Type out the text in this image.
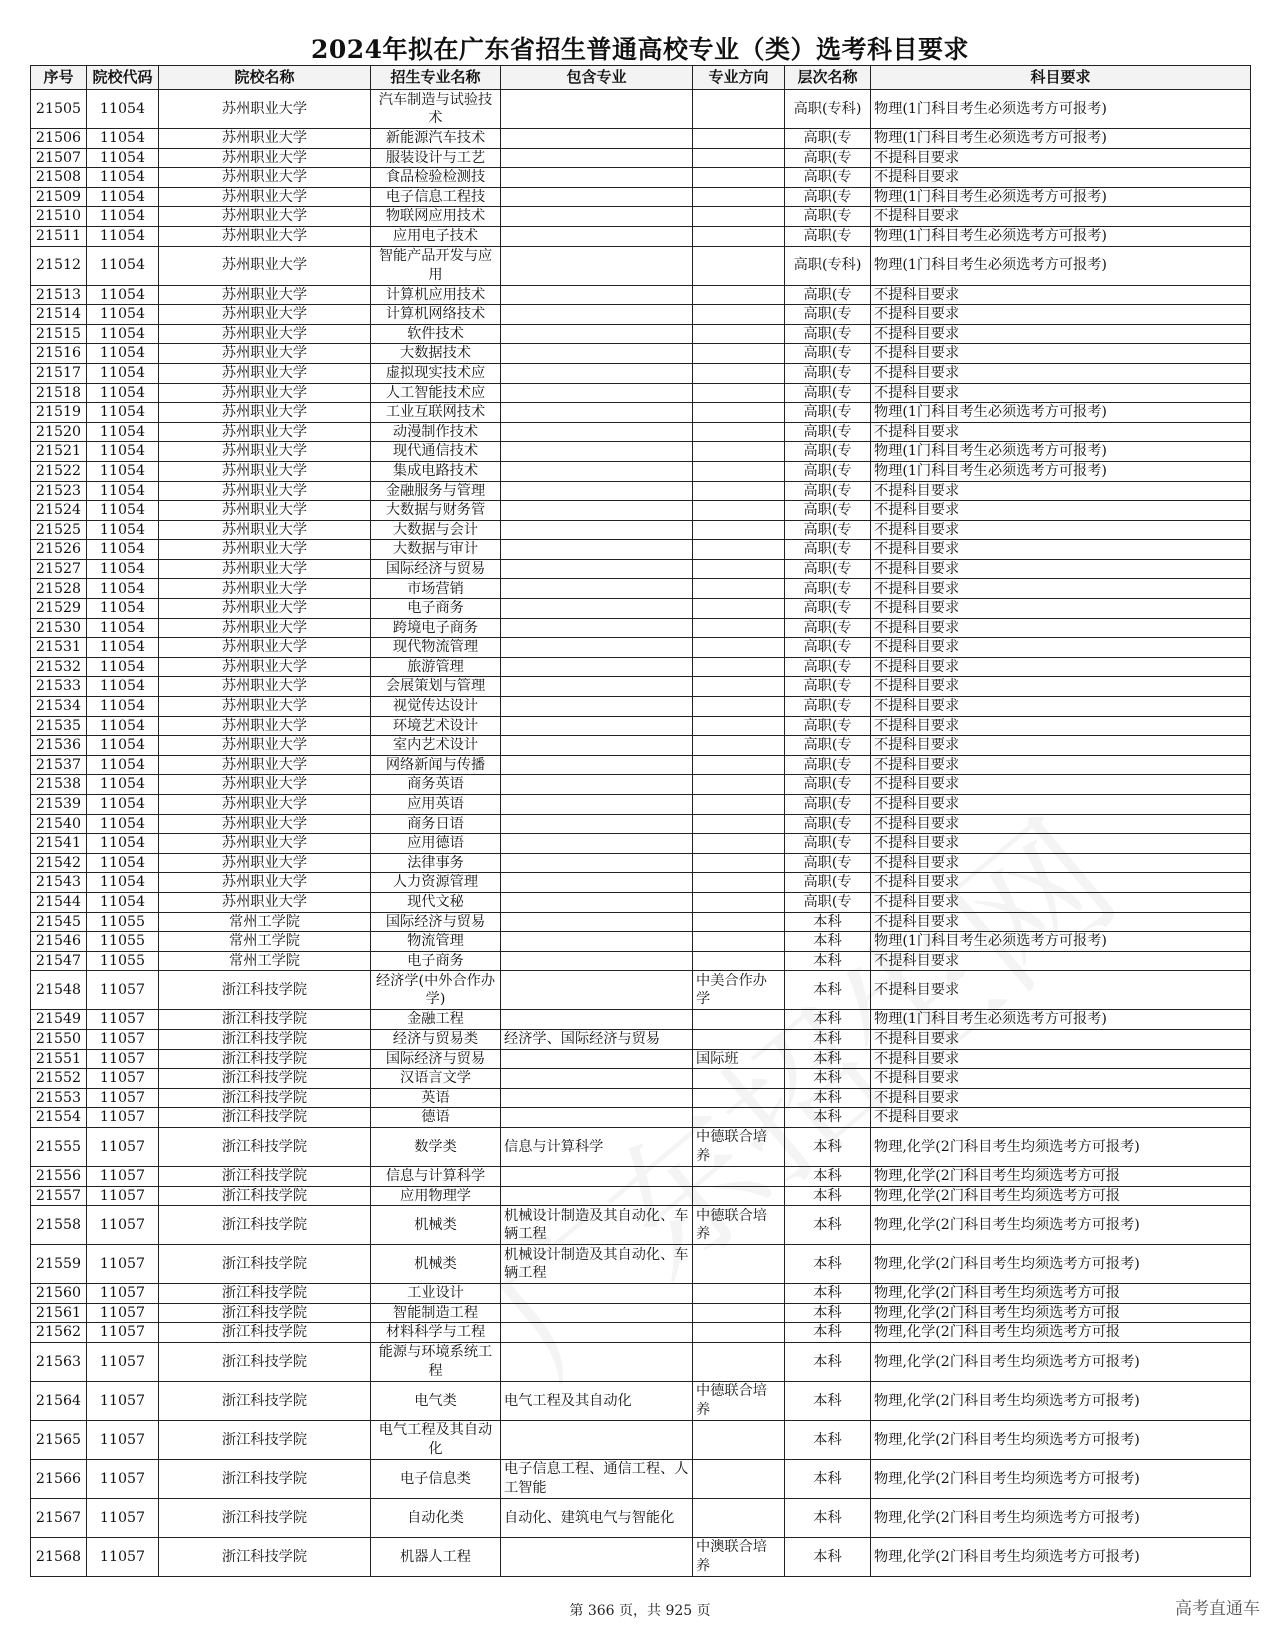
2024年拟在广东省招生普通高校专业（类）选考科目要求
序号	院校代码	院校名称	招生专业名称	包含专业	专业方向	层次名称	科目要求
21505	11054	苏州职业大学	汽车制造与试验技术			高职(专科)	物理(1门科目考生必须选考方可报考)
21506	11054	苏州职业大学	新能源汽车技术			高职(专	物理(1门科目考生必须选考方可报考)
21507	11054	苏州职业大学	服装设计与工艺			高职(专	不提科目要求
21508	11054	苏州职业大学	食品检验检测技			高职(专	不提科目要求
21509	11054	苏州职业大学	电子信息工程技			高职(专	物理(1门科目考生必须选考方可报考)
21510	11054	苏州职业大学	物联网应用技术			高职(专	不提科目要求
21511	11054	苏州职业大学	应用电子技术			高职(专	物理(1门科目考生必须选考方可报考)
21512	11054	苏州职业大学	智能产品开发与应用			高职(专科)	物理(1门科目考生必须选考方可报考)
21513	11054	苏州职业大学	计算机应用技术			高职(专	不提科目要求
21514	11054	苏州职业大学	计算机网络技术			高职(专	不提科目要求
21515	11054	苏州职业大学	软件技术			高职(专	不提科目要求
21516	11054	苏州职业大学	大数据技术			高职(专	不提科目要求
21517	11054	苏州职业大学	虚拟现实技术应			高职(专	不提科目要求
21518	11054	苏州职业大学	人工智能技术应			高职(专	不提科目要求
21519	11054	苏州职业大学	工业互联网技术			高职(专	物理(1门科目考生必须选考方可报考)
21520	11054	苏州职业大学	动漫制作技术			高职(专	不提科目要求
21521	11054	苏州职业大学	现代通信技术			高职(专	物理(1门科目考生必须选考方可报考)
21522	11054	苏州职业大学	集成电路技术			高职(专	物理(1门科目考生必须选考方可报考)
21523	11054	苏州职业大学	金融服务与管理			高职(专	不提科目要求
21524	11054	苏州职业大学	大数据与财务管			高职(专	不提科目要求
21525	11054	苏州职业大学	大数据与会计			高职(专	不提科目要求
21526	11054	苏州职业大学	大数据与审计			高职(专	不提科目要求
21527	11054	苏州职业大学	国际经济与贸易			高职(专	不提科目要求
21528	11054	苏州职业大学	市场营销			高职(专	不提科目要求
21529	11054	苏州职业大学	电子商务			高职(专	不提科目要求
21530	11054	苏州职业大学	跨境电子商务			高职(专	不提科目要求
21531	11054	苏州职业大学	现代物流管理			高职(专	不提科目要求
21532	11054	苏州职业大学	旅游管理			高职(专	不提科目要求
21533	11054	苏州职业大学	会展策划与管理			高职(专	不提科目要求
21534	11054	苏州职业大学	视觉传达设计			高职(专	不提科目要求
21535	11054	苏州职业大学	环境艺术设计			高职(专	不提科目要求
21536	11054	苏州职业大学	室内艺术设计			高职(专	不提科目要求
21537	11054	苏州职业大学	网络新闻与传播			高职(专	不提科目要求
21538	11054	苏州职业大学	商务英语			高职(专	不提科目要求
21539	11054	苏州职业大学	应用英语			高职(专	不提科目要求
21540	11054	苏州职业大学	商务日语			高职(专	不提科目要求
21541	11054	苏州职业大学	应用德语			高职(专	不提科目要求
21542	11054	苏州职业大学	法律事务			高职(专	不提科目要求
21543	11054	苏州职业大学	人力资源管理			高职(专	不提科目要求
21544	11054	苏州职业大学	现代文秘			高职(专	不提科目要求
21545	11055	常州工学院	国际经济与贸易			本科	不提科目要求
21546	11055	常州工学院	物流管理			本科	物理(1门科目考生必须选考方可报考)
21547	11055	常州工学院	电子商务			本科	不提科目要求
21548	11057	浙江科技学院	经济学(中外合作办学)		中美合作办学	本科	不提科目要求
21549	11057	浙江科技学院	金融工程			本科	物理(1门科目考生必须选考方可报考)
21550	11057	浙江科技学院	经济与贸易类	经济学、国际经济与贸易		本科	不提科目要求
21551	11057	浙江科技学院	国际经济与贸易		国际班	本科	不提科目要求
21552	11057	浙江科技学院	汉语言文学			本科	不提科目要求
21553	11057	浙江科技学院	英语			本科	不提科目要求
21554	11057	浙江科技学院	德语			本科	不提科目要求
21555	11057	浙江科技学院	数学类	信息与计算科学	中德联合培养	本科	物理,化学(2门科目考生均须选考方可报考)
21556	11057	浙江科技学院	信息与计算科学			本科	物理,化学(2门科目考生均须选考方可报
21557	11057	浙江科技学院	应用物理学			本科	物理,化学(2门科目考生均须选考方可报
21558	11057	浙江科技学院	机械类	机械设计制造及其自动化、车辆工程	中德联合培养	本科	物理,化学(2门科目考生均须选考方可报考)
21559	11057	浙江科技学院	机械类	机械设计制造及其自动化、车辆工程		本科	物理,化学(2门科目考生均须选考方可报考)
21560	11057	浙江科技学院	工业设计			本科	物理,化学(2门科目考生均须选考方可报
21561	11057	浙江科技学院	智能制造工程			本科	物理,化学(2门科目考生均须选考方可报
21562	11057	浙江科技学院	材料科学与工程			本科	物理,化学(2门科目考生均须选考方可报
21563	11057	浙江科技学院	能源与环境系统工程			本科	物理,化学(2门科目考生均须选考方可报考)
21564	11057	浙江科技学院	电气类	电气工程及其自动化	中德联合培养	本科	物理,化学(2门科目考生均须选考方可报考)
21565	11057	浙江科技学院	电气工程及其自动化			本科	物理,化学(2门科目考生均须选考方可报考)
21566	11057	浙江科技学院	电子信息类	电子信息工程、通信工程、人工智能		本科	物理,化学(2门科目考生均须选考方可报考)
21567	11057	浙江科技学院	自动化类	自动化、建筑电气与智能化		本科	物理,化学(2门科目考生均须选考方可报考)
21568	11057	浙江科技学院	机器人工程		中澳联合培养	本科	物理,化学(2门科目考生均须选考方可报考)
第 366 页，共 925 页	高考直通车
